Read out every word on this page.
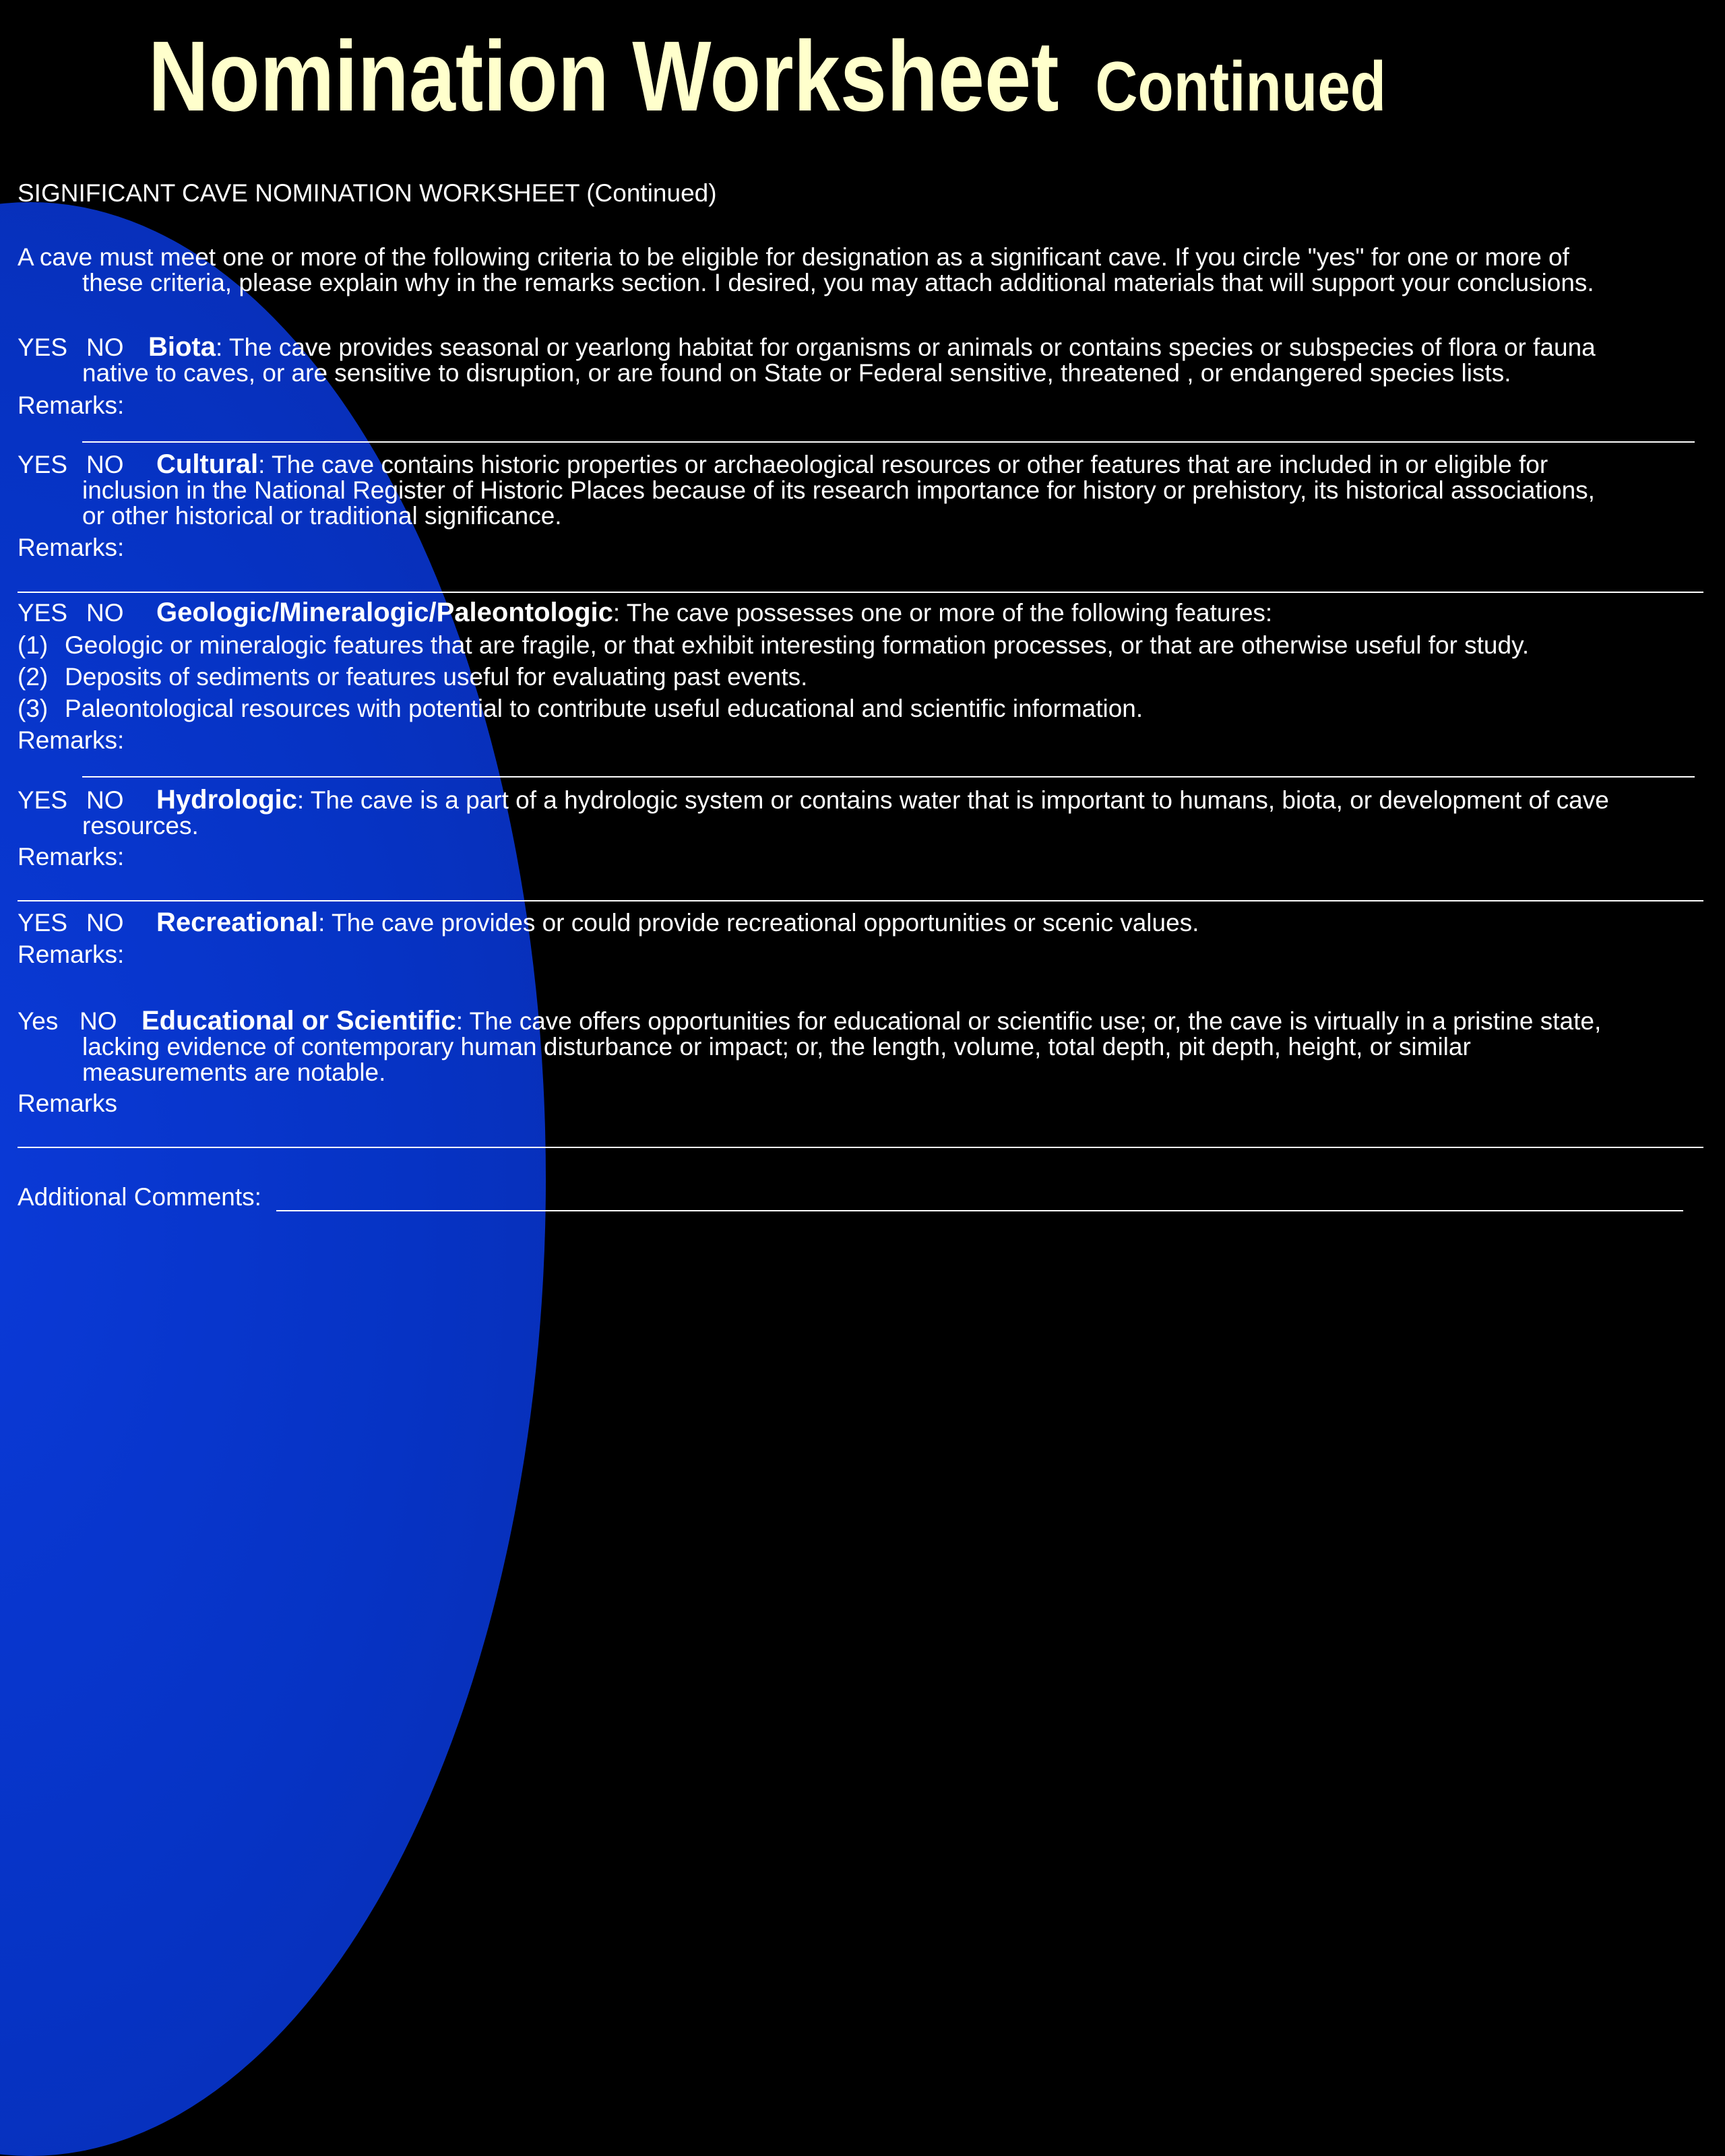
Nomination Worksheet Continued

SIGNIFICANT CAVE NOMINATION WORKSHEET (Continued)

A cave must meet one or more of the following criteria to be eligible for designation as a significant cave. If you circle "yes" for one or more of
these criteria, please explain why in the remarks section. I desired, you may attach additional materials that will support your conclusions.

YES NO Biota: The cave provides seasonal or yearlong habitat for organisms or animals or contains species or subspecies of flora or fauna
native to caves, or are sensitive to disruption, or are found on State or Federal sensitive, threatened , or endangered species lists.

Remarks:

YES NO Cultural: The cave contains historic properties or archaeological resources or other features that are included in or eligible for
inclusion in the National Register of Historic Places because of its research importance for history or prehistory, its historical associations,
or other historical or traditional significance.

Remarks:

YES NO Geologic/Mineralogic/Paleontologic: The cave possesses one or more of the following features:

(1) Geologic or mineralogic features that are fragile, or that exhibit interesting formation processes, or that are otherwise useful for study.

(2) Deposits of sediments or features useful for evaluating past events.

(3) Paleontological resources with potential to contribute useful educational and scientific information.

Remarks:

YES NO Hydrologic: The cave is a part of a hydrologic system or contains water that is important to humans, biota, or development of cave
resources.

Remarks:

YES NO Recreational: The cave provides or could provide recreational opportunities or scenic values.

Remarks:

Yes NO Educational or Scientific: The cave offers opportunities for educational or scientific use; or, the cave is virtually in a pristine state,
lacking evidence of contemporary human disturbance or impact; or, the length, volume, total depth, pit depth, height, or similar
measurements are notable.

Remarks

Additional Comments:
